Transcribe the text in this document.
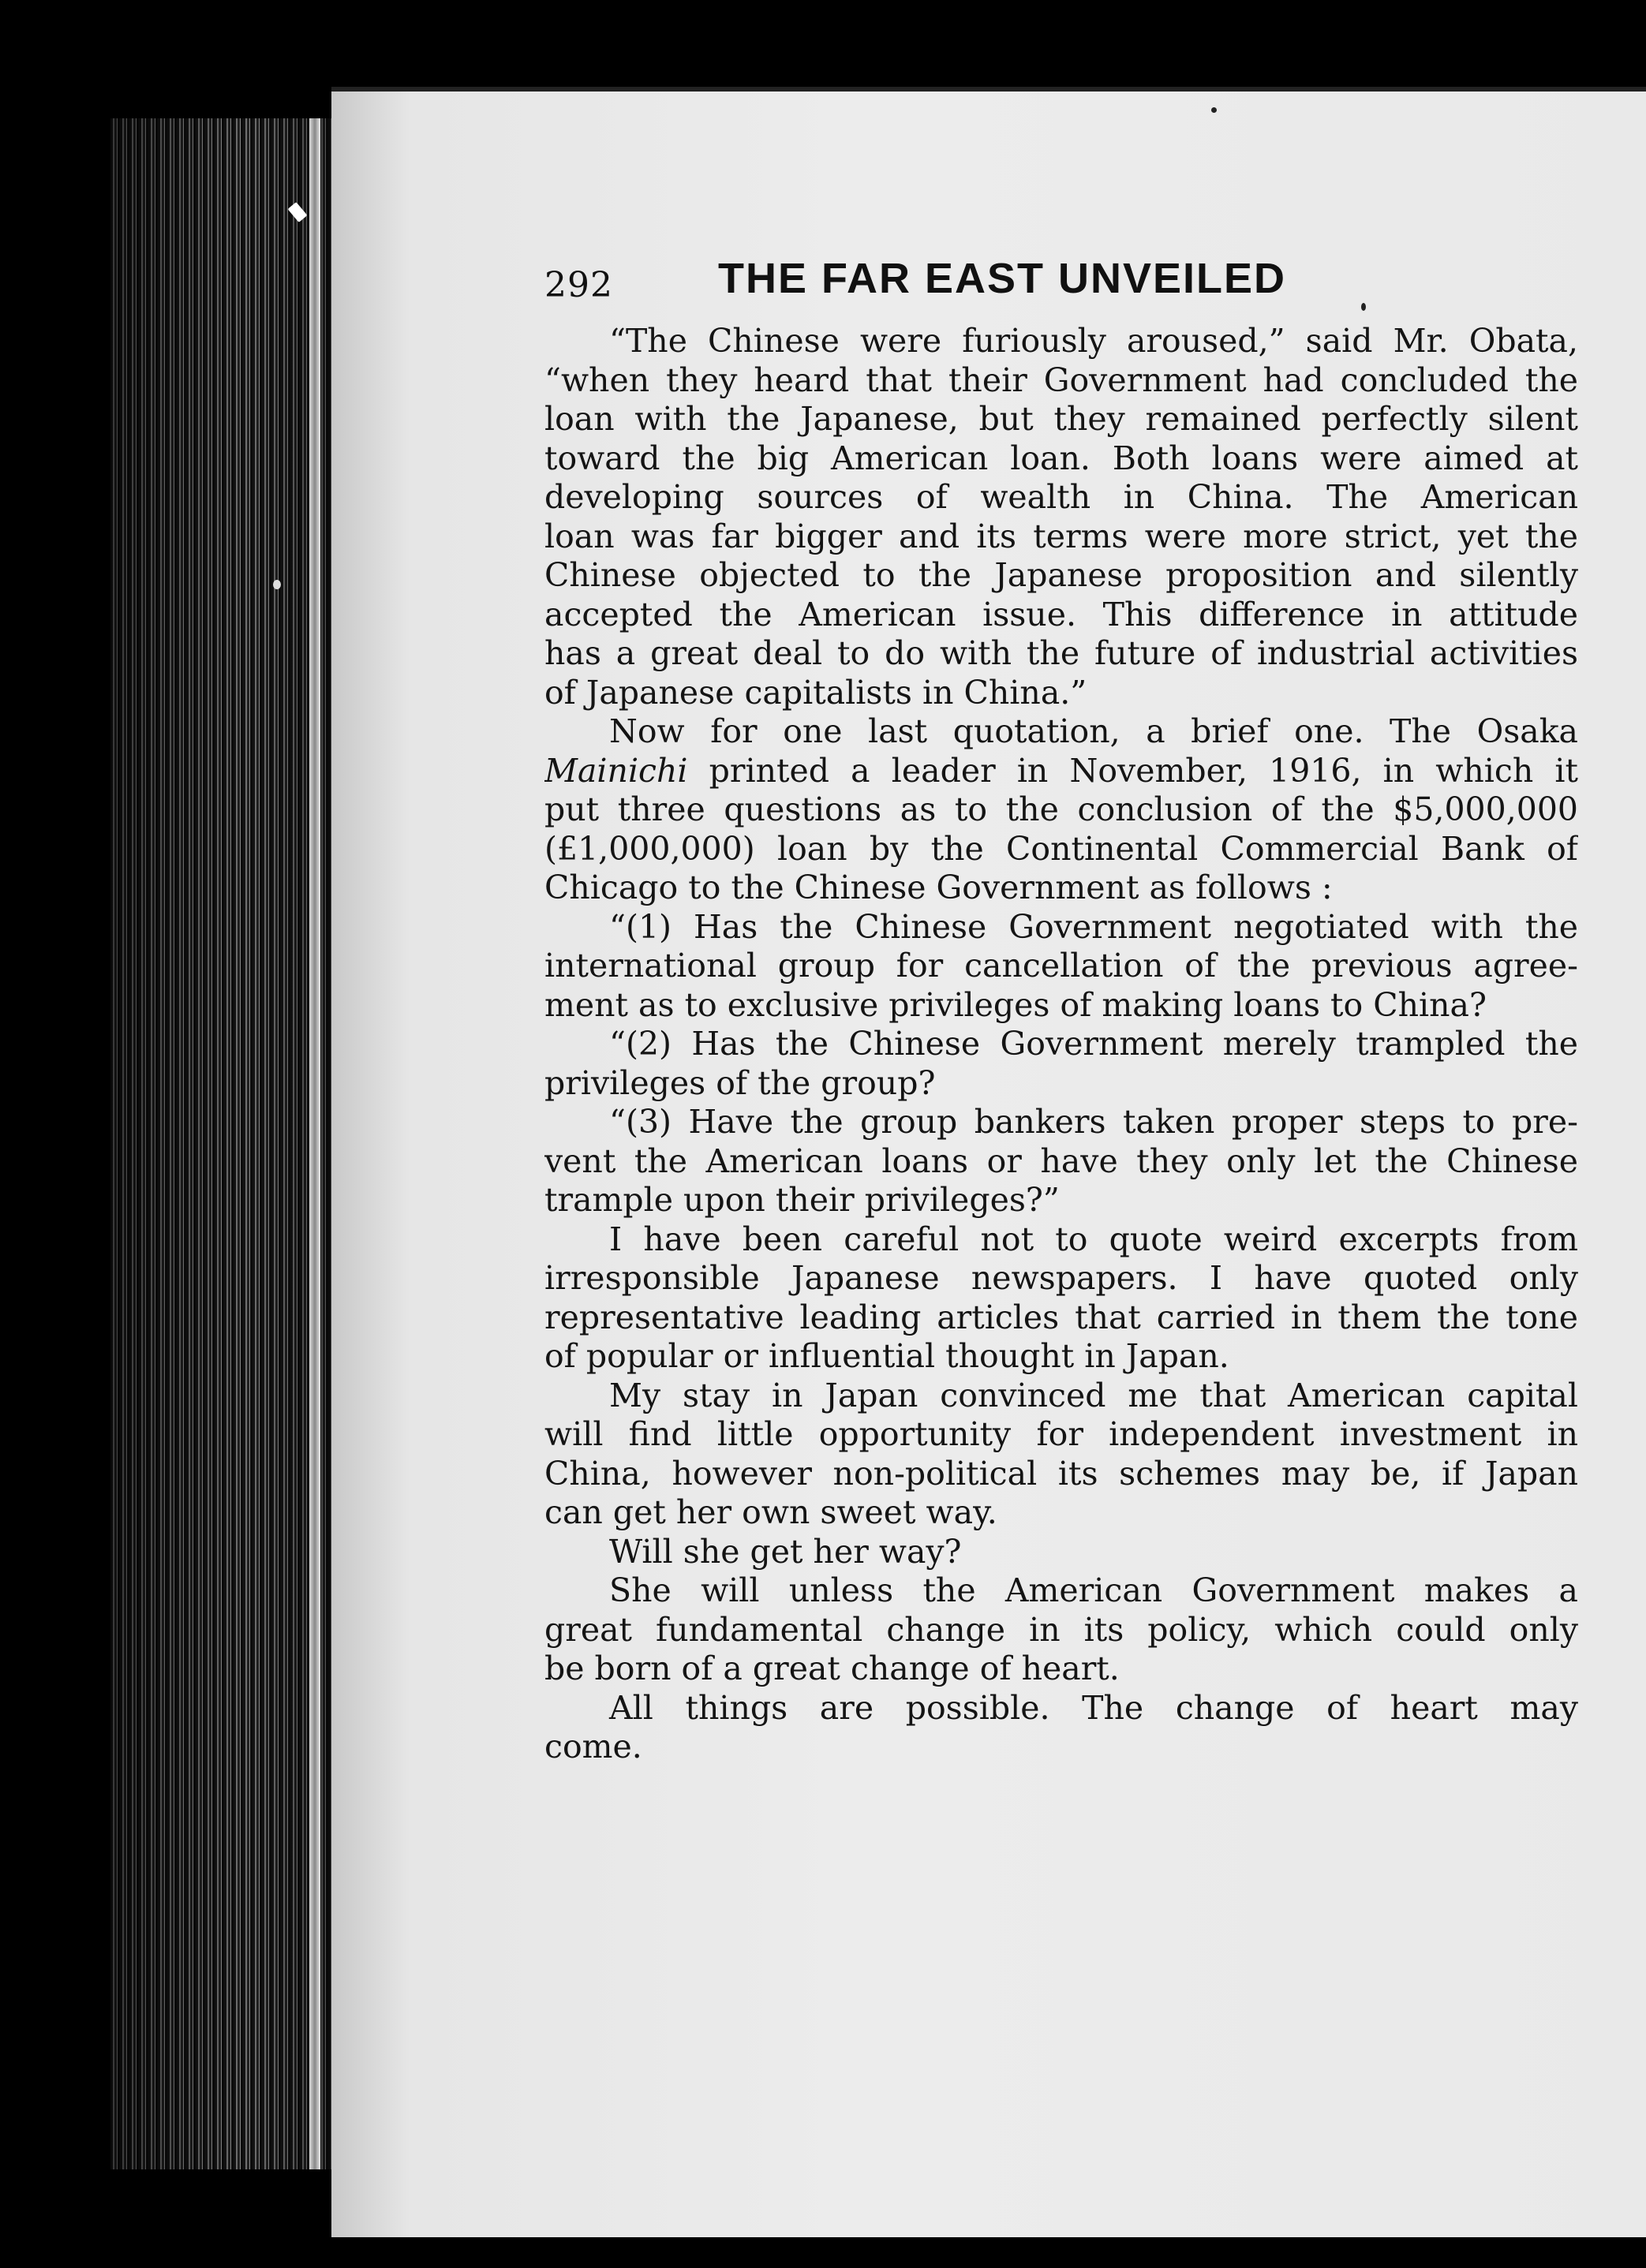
292 THE FAR EAST UNVEILED
“The Chinese were furiously aroused,” said Mr. Obata,
“when they heard that their Government had concluded the
loan with the Japanese, but they remained perfectly silent
toward the big American loan. Both loans were aimed at
developing sources of wealth in China. The American
loan was far bigger and its terms were more strict, yet the
Chinese objected to the Japanese proposition and silently
accepted the American issue. This difference in attitude
has a great deal to do with the future of industrial activities
of Japanese capitalists in China.”
Now for one last quotation, a brief one. The Osaka
Mainichi printed a leader in November, 1916, in which it
put three questions as to the conclusion of the $5,000,000
(£1,000,000) loan by the Continental Commercial Bank of
Chicago to the Chinese Government as follows :
“(1) Has the Chinese Government negotiated with the
international group for cancellation of the previous agree-
ment as to exclusive privileges of making loans to China?
“(2) Has the Chinese Government merely trampled the
privileges of the group?
“(3) Have the group bankers taken proper steps to pre-
vent the American loans or have they only let the Chinese
trample upon their privileges?”
I have been careful not to quote weird excerpts from
irresponsible Japanese newspapers. I have quoted only
representative leading articles that carried in them the tone
of popular or influential thought in Japan.
My stay in Japan convinced me that American capital
will find little opportunity for independent investment in
China, however non-political its schemes may be, if Japan
can get her own sweet way.
Will she get her way?
She will unless the American Government makes a
great fundamental change in its policy, which could only
be born of a great change of heart.
All things are possible. The change of heart may
come.
